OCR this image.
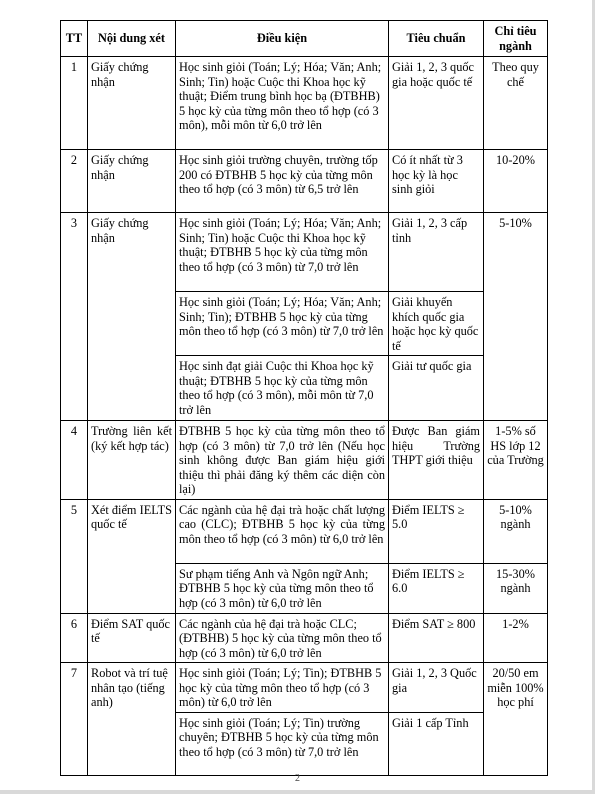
TT	Nội dung xét	Điều kiện	Tiêu chuẩn	Chỉ tiêu ngành
1	Giấy chứng nhận	Học sinh giỏi (Toán; Lý; Hóa; Văn; Anh; Sinh; Tin) hoặc Cuộc thi Khoa học kỹ thuật; Điểm trung bình học bạ (ĐTBHB) 5 học kỳ của từng môn theo tổ hợp (có 3 môn), mỗi môn từ 6,0 trở lên	Giải 1, 2, 3 quốc gia hoặc quốc tế	Theo quy chế
2	Giấy chứng nhận	Học sinh giỏi trường chuyên, trường tốp 200 có ĐTBHB 5 học kỳ của từng môn theo tổ hợp (có 3 môn) từ 6,5 trở lên	Có ít nhất từ 3 học kỳ là học sinh giỏi	10-20%
3	Giấy chứng nhận	Học sinh giỏi (Toán; Lý; Hóa; Văn; Anh; Sinh; Tin) hoặc Cuộc thi Khoa học kỹ thuật; ĐTBHB 5 học kỳ của từng môn theo tổ hợp (có 3 môn) từ 7,0 trở lên	Giải 1, 2, 3 cấp tỉnh	5-10%
		Học sinh giỏi (Toán; Lý; Hóa; Văn; Anh; Sinh; Tin); ĐTBHB 5 học kỳ của từng môn theo tổ hợp (có 3 môn) từ 7,0 trở lên	Giải khuyến khích quốc gia hoặc học kỳ quốc tế	
		Học sinh đạt giải Cuộc thi Khoa học kỹ thuật; ĐTBHB 5 học kỳ của từng môn theo tổ hợp (có 3 môn), mỗi môn từ 7,0 trở lên	Giải tư quốc gia	
4	Trường liên kết (ký kết hợp tác)	ĐTBHB 5 học kỳ của từng môn theo tổ hợp (có 3 môn) từ 7,0 trở lên (Nếu học sinh không được Ban giám hiệu giới thiệu thì phải đăng ký thêm các diện còn lại)	Được Ban giám hiệu Trường THPT giới thiệu	1-5% số HS lớp 12 của Trường
5	Xét điểm IELTS quốc tế	Các ngành của hệ đại trà hoặc chất lượng cao (CLC); ĐTBHB 5 học kỳ của từng môn theo tổ hợp (có 3 môn) từ 6,0 trở lên	Điểm IELTS ≥ 5.0	5-10% ngành
		Sư phạm tiếng Anh và Ngôn ngữ Anh; ĐTBHB 5 học kỳ của từng môn theo tổ hợp (có 3 môn) từ 6,0 trở lên	Điểm IELTS ≥ 6.0	15-30% ngành
6	Điểm SAT quốc tế	Các ngành của hệ đại trà hoặc CLC; (ĐTBHB) 5 học kỳ của từng môn theo tổ hợp (có 3 môn) từ 6,0 trở lên	Điểm SAT ≥ 800	1-2%
7	Robot và trí tuệ nhân tạo (tiếng anh)	Học sinh giỏi (Toán; Lý; Tin); ĐTBHB 5 học kỳ của từng môn theo tổ hợp (có 3 môn) từ 6,0 trở lên	Giải 1, 2, 3 Quốc gia	20/50 em miễn 100% học phí
		Học sinh giỏi (Toán; Lý; Tin) trường chuyên; ĐTBHB 5 học kỳ của từng môn theo tổ hợp (có 3 môn) từ 7,0 trở lên	Giải 1 cấp Tỉnh	
2
